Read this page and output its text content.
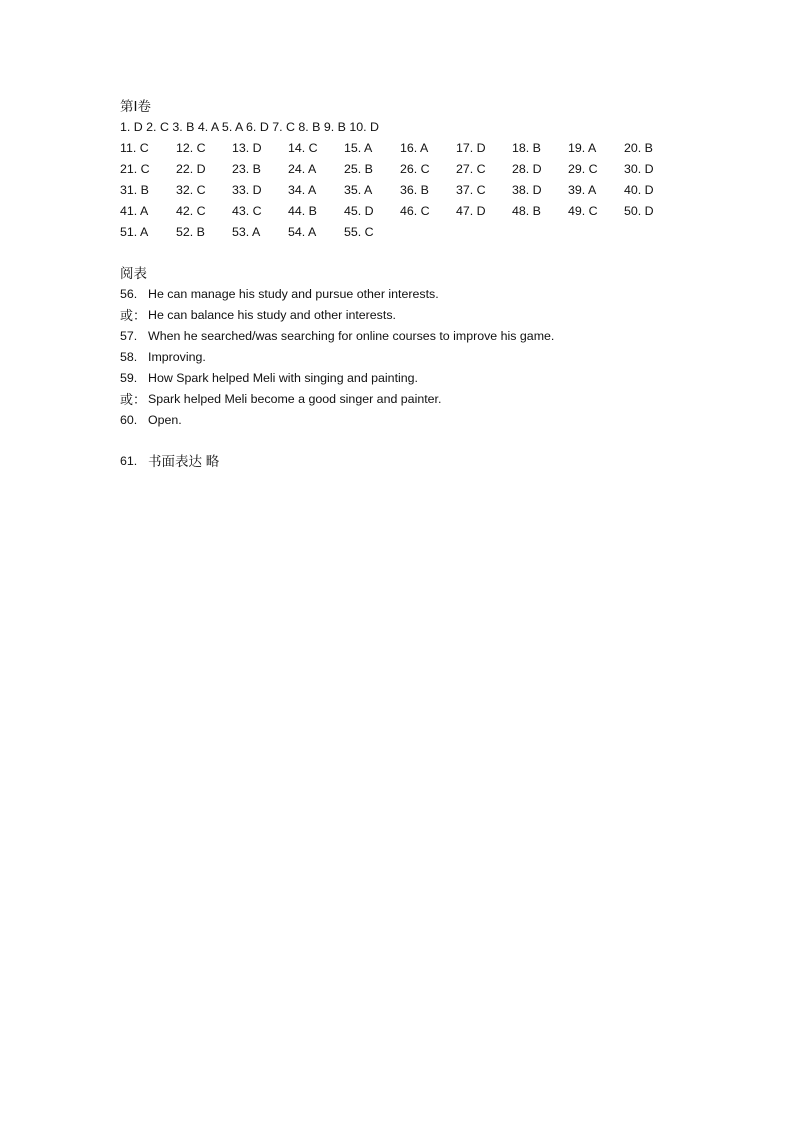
第Ⅰ卷
1. D 2. C 3. B 4. A 5. A 6. D 7. C 8. B 9. B 10. D
11. C	12. C	13. D	14. C	15. A	16. A	17. D	18. B	19. A	20. B
21. C	22. D	23. B	24. A	25. B	26. C	27. C	28. D	29. C	30. D
31. B	32. C	33. D	34. A	35. A	36. B	37. C	38. D	39. A	40. D
41. A	42. C	43. C	44. B	45. D	46. C	47. D	48. B	49. C	50. D
51. A	52. B	53. A	54. A	55. C
阅表
56. He can manage his study and pursue other interests.
或： He can balance his study and other interests.
57. When he searched/was searching for online courses to improve his game.
58. Improving.
59. How Spark helped Meli with singing and painting.
或： Spark helped Meli become a good singer and painter.
60. Open.
61. 书面表达 略
